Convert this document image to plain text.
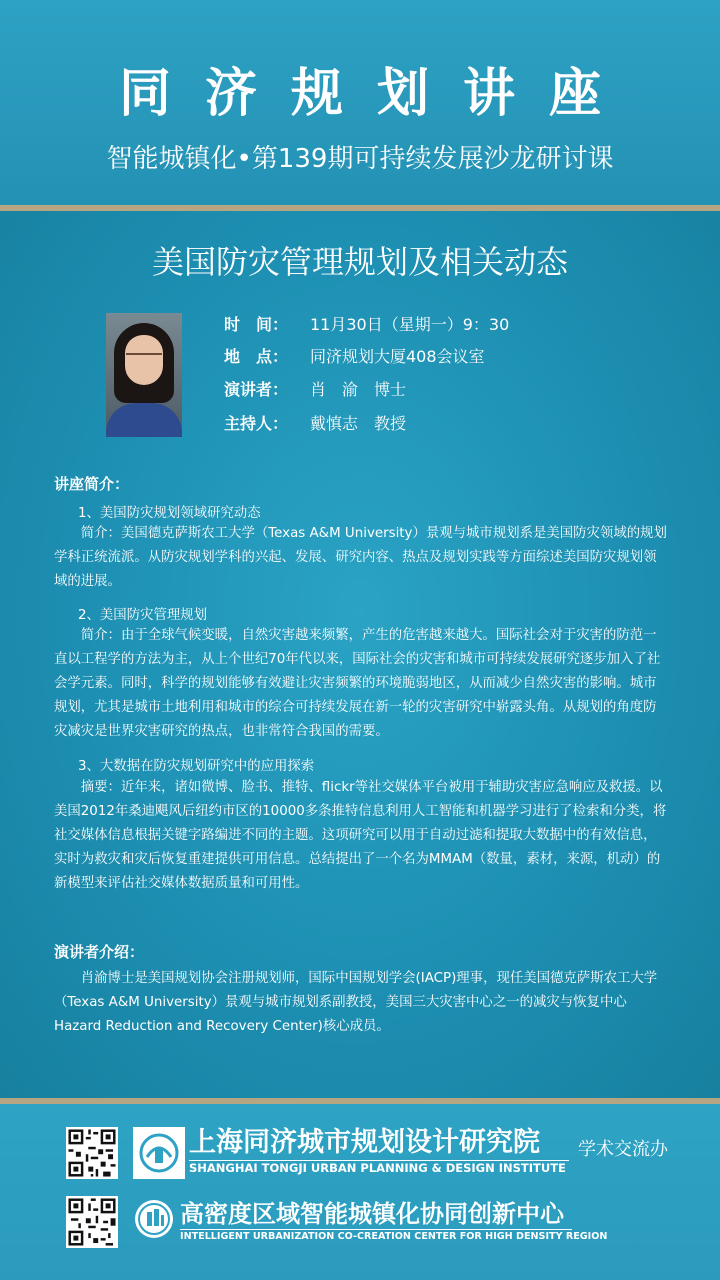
同济规划讲座
智能城镇化•第139期可持续发展沙龙研讨课
美国防灾管理规划及相关动态
时　间：	11月30日（星期一）9：30
地　点：	同济规划大厦408会议室
演讲者：	肖　渝　博士
主持人：	戴慎志　教授
讲座简介：
1、美国防灾规划领域研究动态
　　简介：美国德克萨斯农工大学（Texas A&M University）景观与城市规划系是美国防灾领域的规划学科正统流派。从防灾规划学科的兴起、发展、研究内容、热点及规划实践等方面综述美国防灾规划领域的进展。
2、美国防灾管理规划
　　简介：由于全球气候变暖，自然灾害越来频繁，产生的危害越来越大。国际社会对于灾害的防范一直以工程学的方法为主，从上个世纪70年代以来，国际社会的灾害和城市可持续发展研究逐步加入了社会学元素。同时，科学的规划能够有效避让灾害频繁的环境脆弱地区，从而减少自然灾害的影响。城市规划，尤其是城市土地利用和城市的综合可持续发展在新一轮的灾害研究中崭露头角。从规划的角度防灾减灾是世界灾害研究的热点，也非常符合我国的需要。
3、大数据在防灾规划研究中的应用探索
　　摘要：近年来，诸如微博、脸书、推特、flickr等社交媒体平台被用于辅助灾害应急响应及救援。以美国2012年桑迪飓风后纽约市区的10000多条推特信息利用人工智能和机器学习进行了检索和分类，将社交媒体信息根据关键字路编进不同的主题。这项研究可以用于自动过滤和提取大数据中的有效信息，实时为救灾和灾后恢复重建提供可用信息。总结提出了一个名为MMAM（数量，素材，来源，机动）的新模型来评估社交媒体数据质量和可用性。
演讲者介绍：
　　肖渝博士是美国规划协会注册规划师，国际中国规划学会(IACP)理事，现任美国德克萨斯农工大学（Texas A&M University）景观与城市规划系副教授，美国三大灾害中心之一的减灾与恢复中心Hazard Reduction and Recovery Center)核心成员。
上海同济城市规划设计研究院
SHANGHAI TONGJI URBAN PLANNING & DESIGN INSTITUTE
学术交流办
高密度区域智能城镇化协同创新中心
INTELLIGENT URBANIZATION CO-CREATION CENTER FOR HIGH DENSITY REGION
